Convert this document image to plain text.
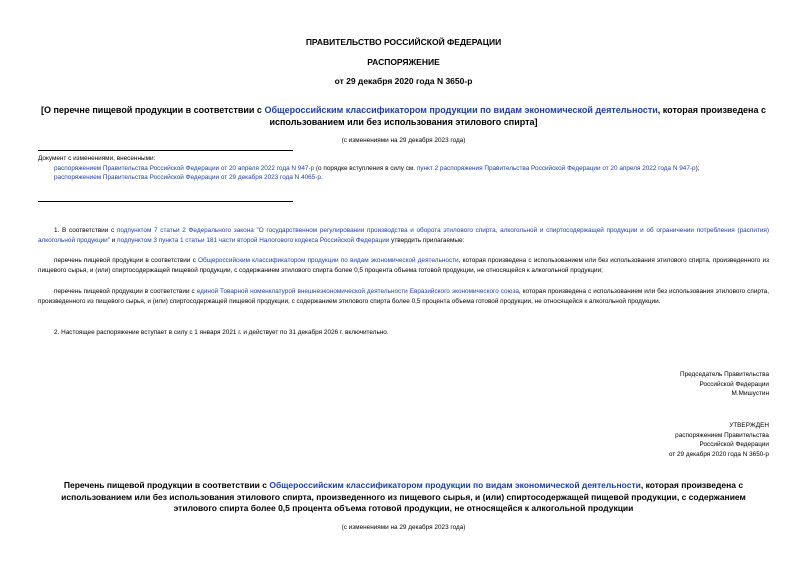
ПРАВИТЕЛЬСТВО РОССИЙСКОЙ ФЕДЕРАЦИИ
РАСПОРЯЖЕНИЕ
от 29 декабря 2020 года N 3650-р
[О перечне пищевой продукции в соответствии с Общероссийским классификатором продукции по видам экономической деятельности, которая произведена с использованием или без использования этилового спирта]
(с изменениями на 29 декабря 2023 года)
Документ с изменениями, внесенными:
распоряжением Правительства Российской Федерации от 20 апреля 2022 года N 947-р (о порядке вступления в силу см. пункт 2 распоряжения Правительства Российской Федерации от 20 апреля 2022 года N 947-р);
распоряжением Правительства Российской Федерации от 29 декабря 2023 года N 4065-р.
1. В соответствии с подпунктом 7 статьи 2 Федерального закона "О государственном регулировании производства и оборота этилового спирта, алкогольной и спиртосодержащей продукции и об ограничении потребления (распития) алкогольной продукции" и подпунктом 3 пункта 1 статьи 181 части второй Налогового кодекса Российской Федерации утвердить прилагаемые:
перечень пищевой продукции в соответствии с Общероссийским классификатором продукции по видам экономической деятельности, которая произведена с использованием или без использования этилового спирта, произведенного из пищевого сырья, и (или) спиртосодержащей пищевой продукции, с содержанием этилового спирта более 0,5 процента объема готовой продукции, не относящейся к алкогольной продукции;
перечень пищевой продукции в соответствии с единой Товарной номенклатурой внешнеэкономической деятельности Евразийского экономического союза, которая произведена с использованием или без использования этилового спирта, произведенного из пищевого сырья, и (или) спиртосодержащей пищевой продукции, с содержанием этилового спирта более 0,5 процента объема готовой продукции, не относящейся к алкогольной продукции.
2. Настоящее распоряжение вступает в силу с 1 января 2021 г. и действует по 31 декабря 2026 г. включительно.
Председатель Правительства
Российской Федерации
М.Мишустин
УТВЕРЖДЕН
распоряжением Правительства
Российской Федерации
от 29 декабря 2020 года N 3650-р
Перечень пищевой продукции в соответствии с Общероссийским классификатором продукции по видам экономической деятельности, которая произведена с использованием или без использования этилового спирта, произведенного из пищевого сырья, и (или) спиртосодержащей пищевой продукции, с содержанием этилового спирта более 0,5 процента объема готовой продукции, не относящейся к алкогольной продукции
(с изменениями на 29 декабря 2023 года)
